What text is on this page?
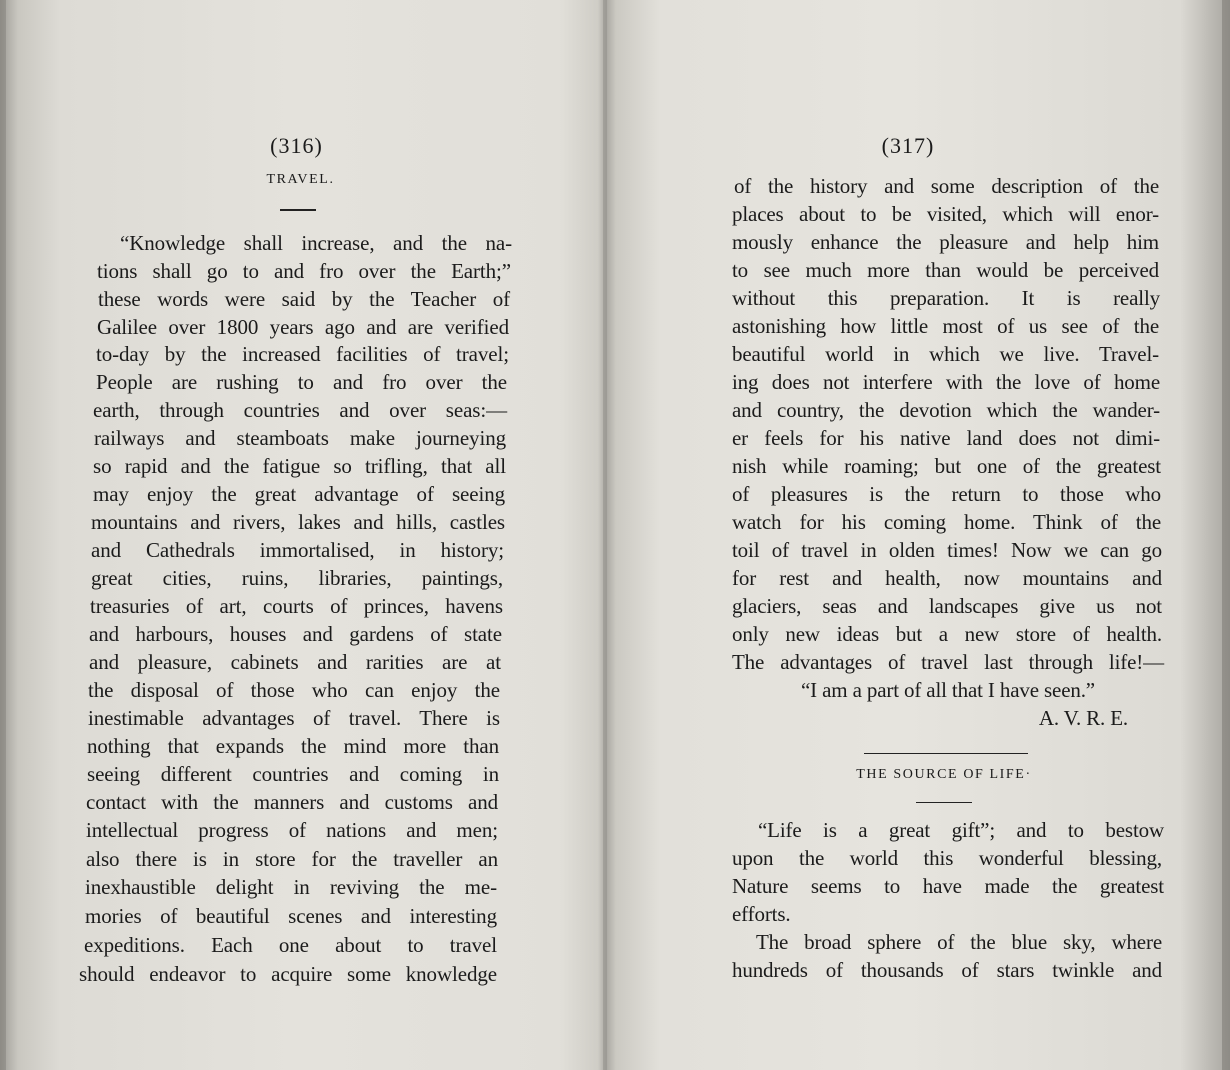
(316)
TRAVEL.
“Knowledge shall increase, and the na-
tions shall go to and fro over the Earth;”
these words were said by the Teacher of
Galilee over 1800 years ago and are verified
to-day by the increased facilities of travel;
People are rushing to and fro over the
earth, through countries and over seas:—
railways and steamboats make journeying
so rapid and the fatigue so trifling, that all
may enjoy the great advantage of seeing
mountains and rivers, lakes and hills, castles
and Cathedrals immortalised, in history;
great cities, ruins, libraries, paintings,
treasuries of art, courts of princes, havens
and harbours, houses and gardens of state
and pleasure, cabinets and rarities are at
the disposal of those who can enjoy the
inestimable advantages of travel. There is
nothing that expands the mind more than
seeing different countries and coming in
contact with the manners and customs and
intellectual progress of nations and men;
also there is in store for the traveller an
inexhaustible delight in reviving the me-
mories of beautiful scenes and interesting
expeditions. Each one about to travel
should endeavor to acquire some knowledge
(317)
of the history and some description of the
places about to be visited, which will enor-
mously enhance the pleasure and help him
to see much more than would be perceived
without this preparation. It is really
astonishing how little most of us see of the
beautiful world in which we live. Travel-
ing does not interfere with the love of home
and country, the devotion which the wander-
er feels for his native land does not dimi-
nish while roaming; but one of the greatest
of pleasures is the return to those who
watch for his coming home. Think of the
toil of travel in olden times! Now we can go
for rest and health, now mountains and
glaciers, seas and landscapes give us not
only new ideas but a new store of health.
The advantages of travel last through life!—
“I am a part of all that I have seen.”
A. V. R. E.
THE SOURCE OF LIFE·
“Life is a great gift”; and to bestow
upon the world this wonderful blessing,
Nature seems to have made the greatest
efforts.
The broad sphere of the blue sky, where
hundreds of thousands of stars twinkle and
